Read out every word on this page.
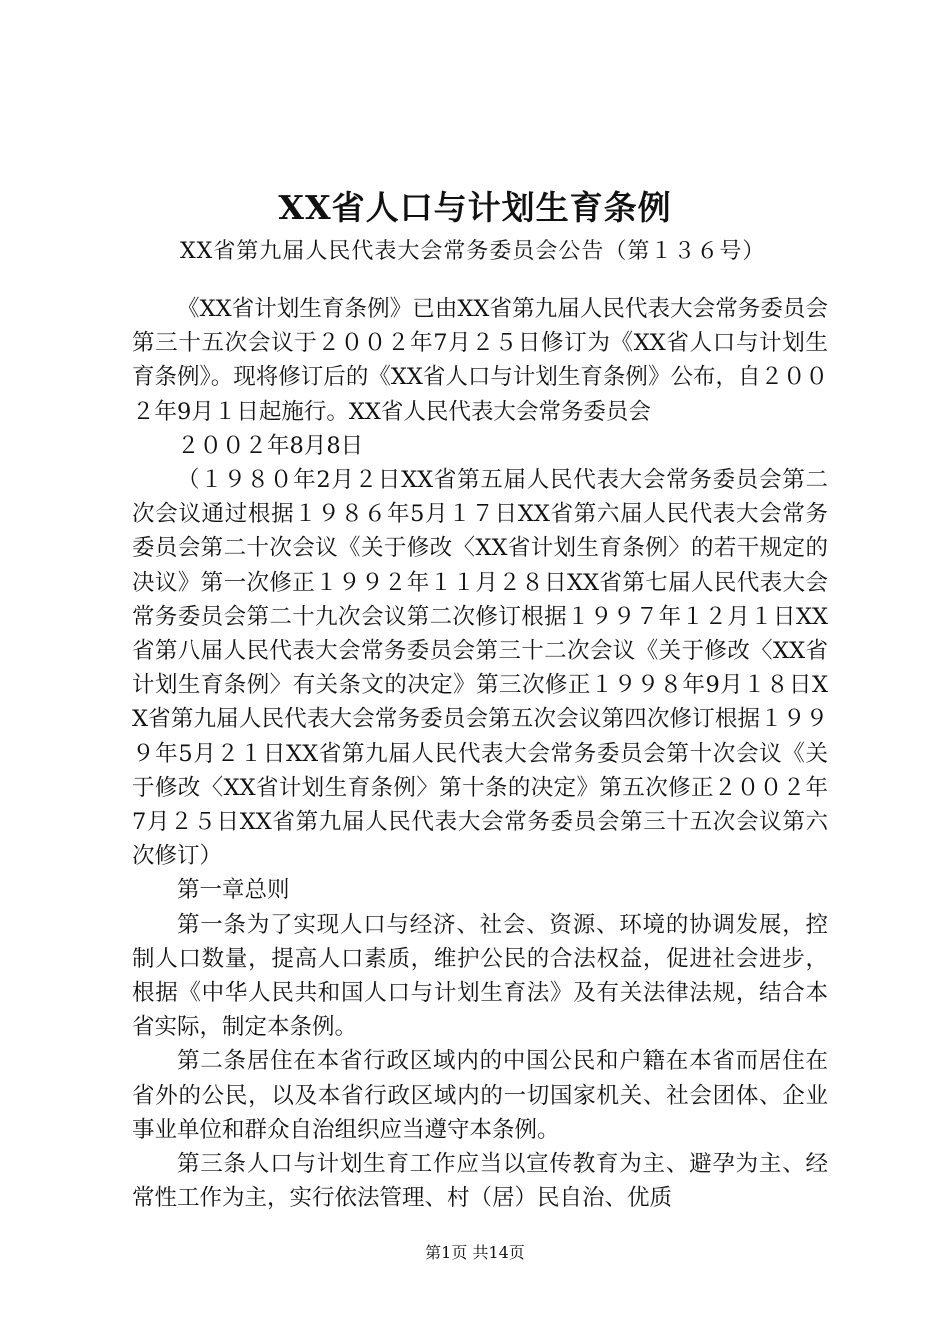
XX省人口与计划生育条例
XX省第九届人民代表大会常务委员会公告（第１３６号）

《XX省计划生育条例》已由XX省第九届人民代表大会常务委员会第三十五次会议于２００２年7月２５日修订为《XX省人口与计划生育条例》。现将修订后的《XX省人口与计划生育条例》公布，自２００２年9月１日起施行。XX省人民代表大会常务委员会

２００２年8月8日

（１９８０年2月２日XX省第五届人民代表大会常务委员会第二次会议通过根据１９８６年5月１７日XX省第六届人民代表大会常务委员会第二十次会议《关于修改〈XX省计划生育条例〉的若干规定的决议》第一次修正１９９２年１１月２８日XX省第七届人民代表大会常务委员会第二十九次会议第二次修订根据１９９７年１２月１日XX省第八届人民代表大会常务委员会第三十二次会议《关于修改〈XX省计划生育条例〉有关条文的决定》第三次修正１９９８年9月１８日XX省第九届人民代表大会常务委员会第五次会议第四次修订根据１９９９年5月２１日XX省第九届人民代表大会常务委员会第十次会议《关于修改〈XX省计划生育条例〉第十条的决定》第五次修正２００２年7月２５日XX省第九届人民代表大会常务委员会第三十五次会议第六次修订）

第一章总则

第一条为了实现人口与经济、社会、资源、环境的协调发展，控制人口数量，提高人口素质，维护公民的合法权益，促进社会进步，根据《中华人民共和国人口与计划生育法》及有关法律法规，结合本省实际，制定本条例。

第二条居住在本省行政区域内的中国公民和户籍在本省而居住在省外的公民，以及本省行政区域内的一切国家机关、社会团体、企业事业单位和群众自治组织应当遵守本条例。

第三条人口与计划生育工作应当以宣传教育为主、避孕为主、经常性工作为主，实行依法管理、村（居）民自治、优质

第1页 共14页
